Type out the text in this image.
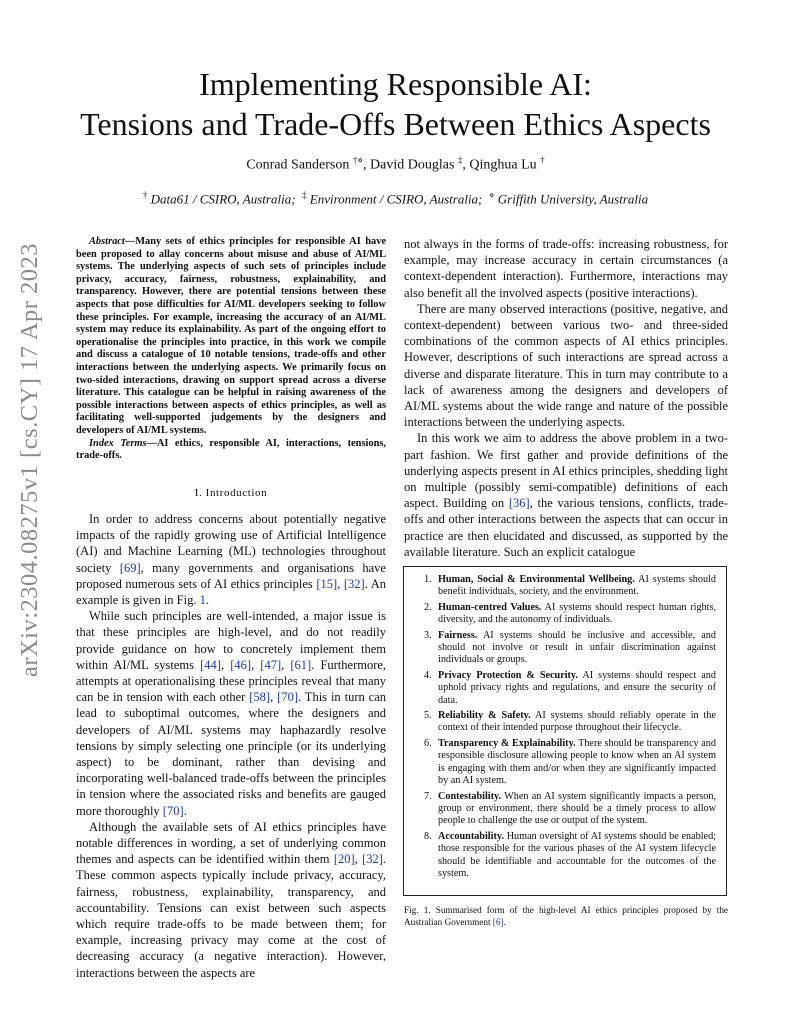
arXiv:2304.08275v1 [cs.CY] 17 Apr 2023
Implementing Responsible AI:
Tensions and Trade-Offs Between Ethics Aspects
Conrad Sanderson †⋄, David Douglas ‡, Qinghua Lu †
† Data61 / CSIRO, Australia; ‡ Environment / CSIRO, Australia; ⋄ Griffith University, Australia

Abstract—Many sets of ethics principles for responsible AI have been proposed to allay concerns about misuse and abuse of AI/ML systems. The underlying aspects of such sets of principles include privacy, accuracy, fairness, robustness, explainability, and transparency. However, there are potential tensions between these aspects that pose difficulties for AI/ML developers seeking to follow these principles. For example, increasing the accuracy of an AI/ML system may reduce its explainability. As part of the ongoing effort to operationalise the principles into practice, in this work we compile and discuss a catalogue of 10 notable tensions, trade-offs and other interactions between the underlying aspects. We primarily focus on two-sided interactions, drawing on support spread across a diverse literature. This catalogue can be helpful in raising awareness of the possible interactions between aspects of ethics principles, as well as facilitating well-supported judgements by the designers and developers of AI/ML systems.

Index Terms—AI ethics, responsible AI, interactions, tensions, trade-offs.

I. Introduction

In order to address concerns about potentially negative impacts of the rapidly growing use of Artificial Intelligence (AI) and Machine Learning (ML) technologies throughout society [69], many governments and organisations have proposed numerous sets of AI ethics principles [15], [32]. An example is given in Fig. 1.

While such principles are well-intended, a major issue is that these principles are high-level, and do not readily provide guidance on how to concretely implement them within AI/ML systems [44], [46], [47], [61]. Furthermore, attempts at operationalising these principles reveal that many can be in tension with each other [58], [70]. This in turn can lead to suboptimal outcomes, where the designers and developers of AI/ML systems may haphazardly resolve tensions by simply selecting one principle (or its underlying aspect) to be dominant, rather than devising and incorporating well-balanced trade-offs between the principles in tension where the associated risks and benefits are gauged more thoroughly [70].

Although the available sets of AI ethics principles have notable differences in wording, a set of underlying common themes and aspects can be identified within them [20], [32]. These common aspects typically include privacy, accuracy, fairness, robustness, explainability, transparency, and accountability. Tensions can exist between such aspects which require trade-offs to be made between them; for example, increasing privacy may come at the cost of decreasing accuracy (a negative interaction). However, interactions between the aspects are

not always in the forms of trade-offs: increasing robustness, for example, may increase accuracy in certain circumstances (a context-dependent interaction). Furthermore, interactions may also benefit all the involved aspects (positive interactions).

There are many observed interactions (positive, negative, and context-dependent) between various two- and three-sided combinations of the common aspects of AI ethics principles. However, descriptions of such interactions are spread across a diverse and disparate literature. This in turn may contribute to a lack of awareness among the designers and developers of AI/ML systems about the wide range and nature of the possible interactions between the underlying aspects.

In this work we aim to address the above problem in a two-part fashion. We first gather and provide definitions of the underlying aspects present in AI ethics principles, shedding light on multiple (possibly semi-compatible) definitions of each aspect. Building on [36], the various tensions, conflicts, trade-offs and other interactions between the aspects that can occur in practice are then elucidated and discussed, as supported by the available literature. Such an explicit catalogue

1. Human, Social & Environmental Wellbeing. AI systems should benefit individuals, society, and the environment.
2. Human-centred Values. AI systems should respect human rights, diversity, and the autonomy of individuals.
3. Fairness. AI systems should be inclusive and accessible, and should not involve or result in unfair discrimination against individuals or groups.
4. Privacy Protection & Security. AI systems should respect and uphold privacy rights and regulations, and ensure the security of data.
5. Reliability & Safety. AI systems should reliably operate in the context of their intended purpose throughout their lifecycle.
6. Transparency & Explainability. There should be transparency and responsible disclosure allowing people to know when an AI system is engaging with them and/or when they are significantly impacted by an AI system.
7. Contestability. When an AI system significantly impacts a person, group or environment, there should be a timely process to allow people to challenge the use or output of the system.
8. Accountability. Human oversight of AI systems should be enabled; those responsible for the various phases of the AI system lifecycle should be identifiable and accountable for the outcomes of the system.
Fig. 1. Summarised form of the high-level AI ethics principles proposed by the Australian Government [6].
